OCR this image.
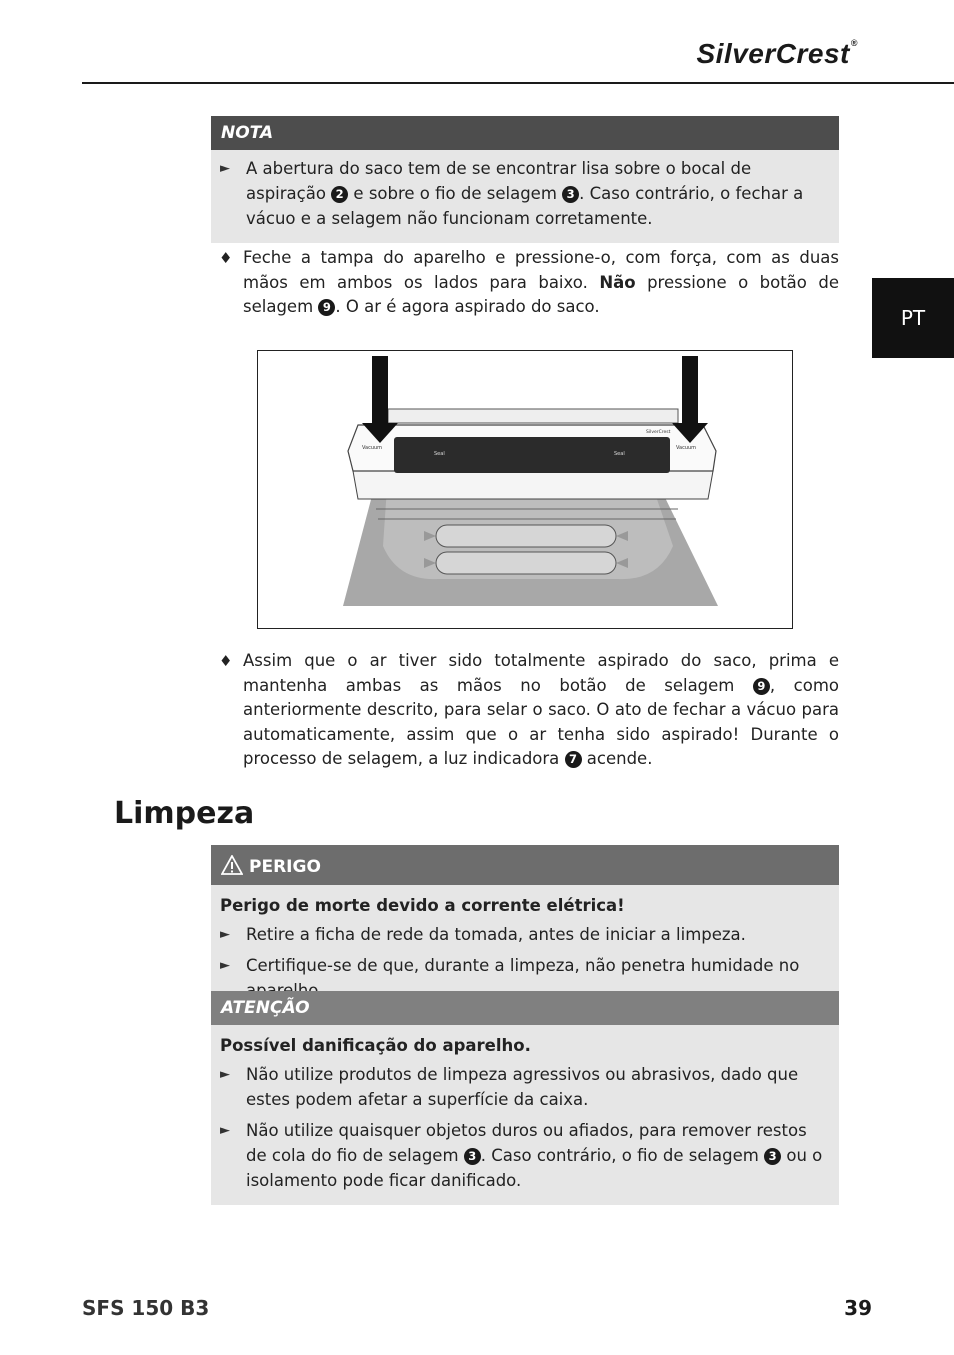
SilverCrest®
PT
NOTA
► A abertura do saco tem de se encontrar lisa sobre o bocal de aspiração 2 e sobre o fio de selagem 3 . Caso contrário, o fechar a vácuo e a selagem não funcionam corretamente.
♦ Feche a tampa do aparelho e pressione-o, com força, com as duas mãos em ambos os lados para baixo. Não pressione o botão de selagem 9 . O ar é agora aspirado do saco.
SilverCrest
Vacuum
Seal	Seal
Vacuum
♦ Assim que o ar tiver sido totalmente aspirado do saco, prima e mantenha ambas as mãos no botão de selagem 9 , como anteriormente descrito, para selar o saco. O ato de fechar a vácuo para automaticamente, assim que o ar tenha sido aspirado! Durante o processo de selagem, a luz indicadora 7 acende.
Limpeza
PERIGO
Perigo de morte devido a corrente elétrica!
► Retire a ficha de rede da tomada, antes de iniciar a limpeza.
► Certifique-se de que, durante a limpeza, não penetra humidade no
ATENÇÃO
Possível danificação do aparelho.
► Não utilize produtos de limpeza agressivos ou abrasivos, dado que estes podem afetar a superfície da caixa.
► Não utilize quaisquer objetos duros ou afiados, para remover restos de cola do fio de selagem 3 . Caso contrário, o fio de selagem 3 ou o isolamento pode ficar danificado.
SFS 150 B3	39
